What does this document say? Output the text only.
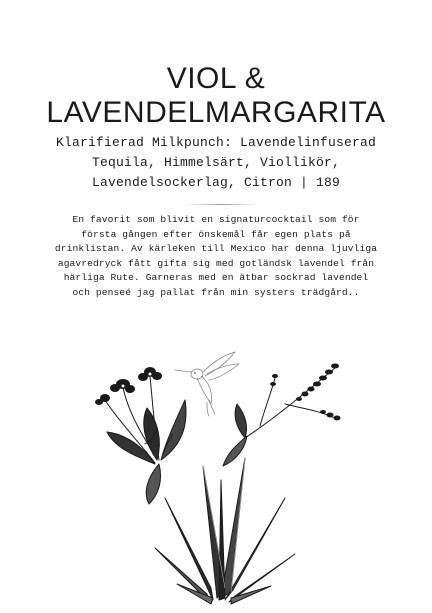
VIOL &
LAVENDELMARGARITA
Klarifierad Milkpunch: Lavendelinfuserad
Tequila, Himmelsärt, Viollikör,
Lavendelsockerlag, Citron | 189
En favorit som blivit en signaturcocktail som för
första gången efter önskemål får egen plats på
drinklistan. Av kärleken till Mexico har denna ljuvliga
agavredryck fått gifta sig med gotländsk lavendel från
härliga Rute. Garneras med en ätbar sockrad lavendel
och penseé jag pallat från min systers trädgård..
